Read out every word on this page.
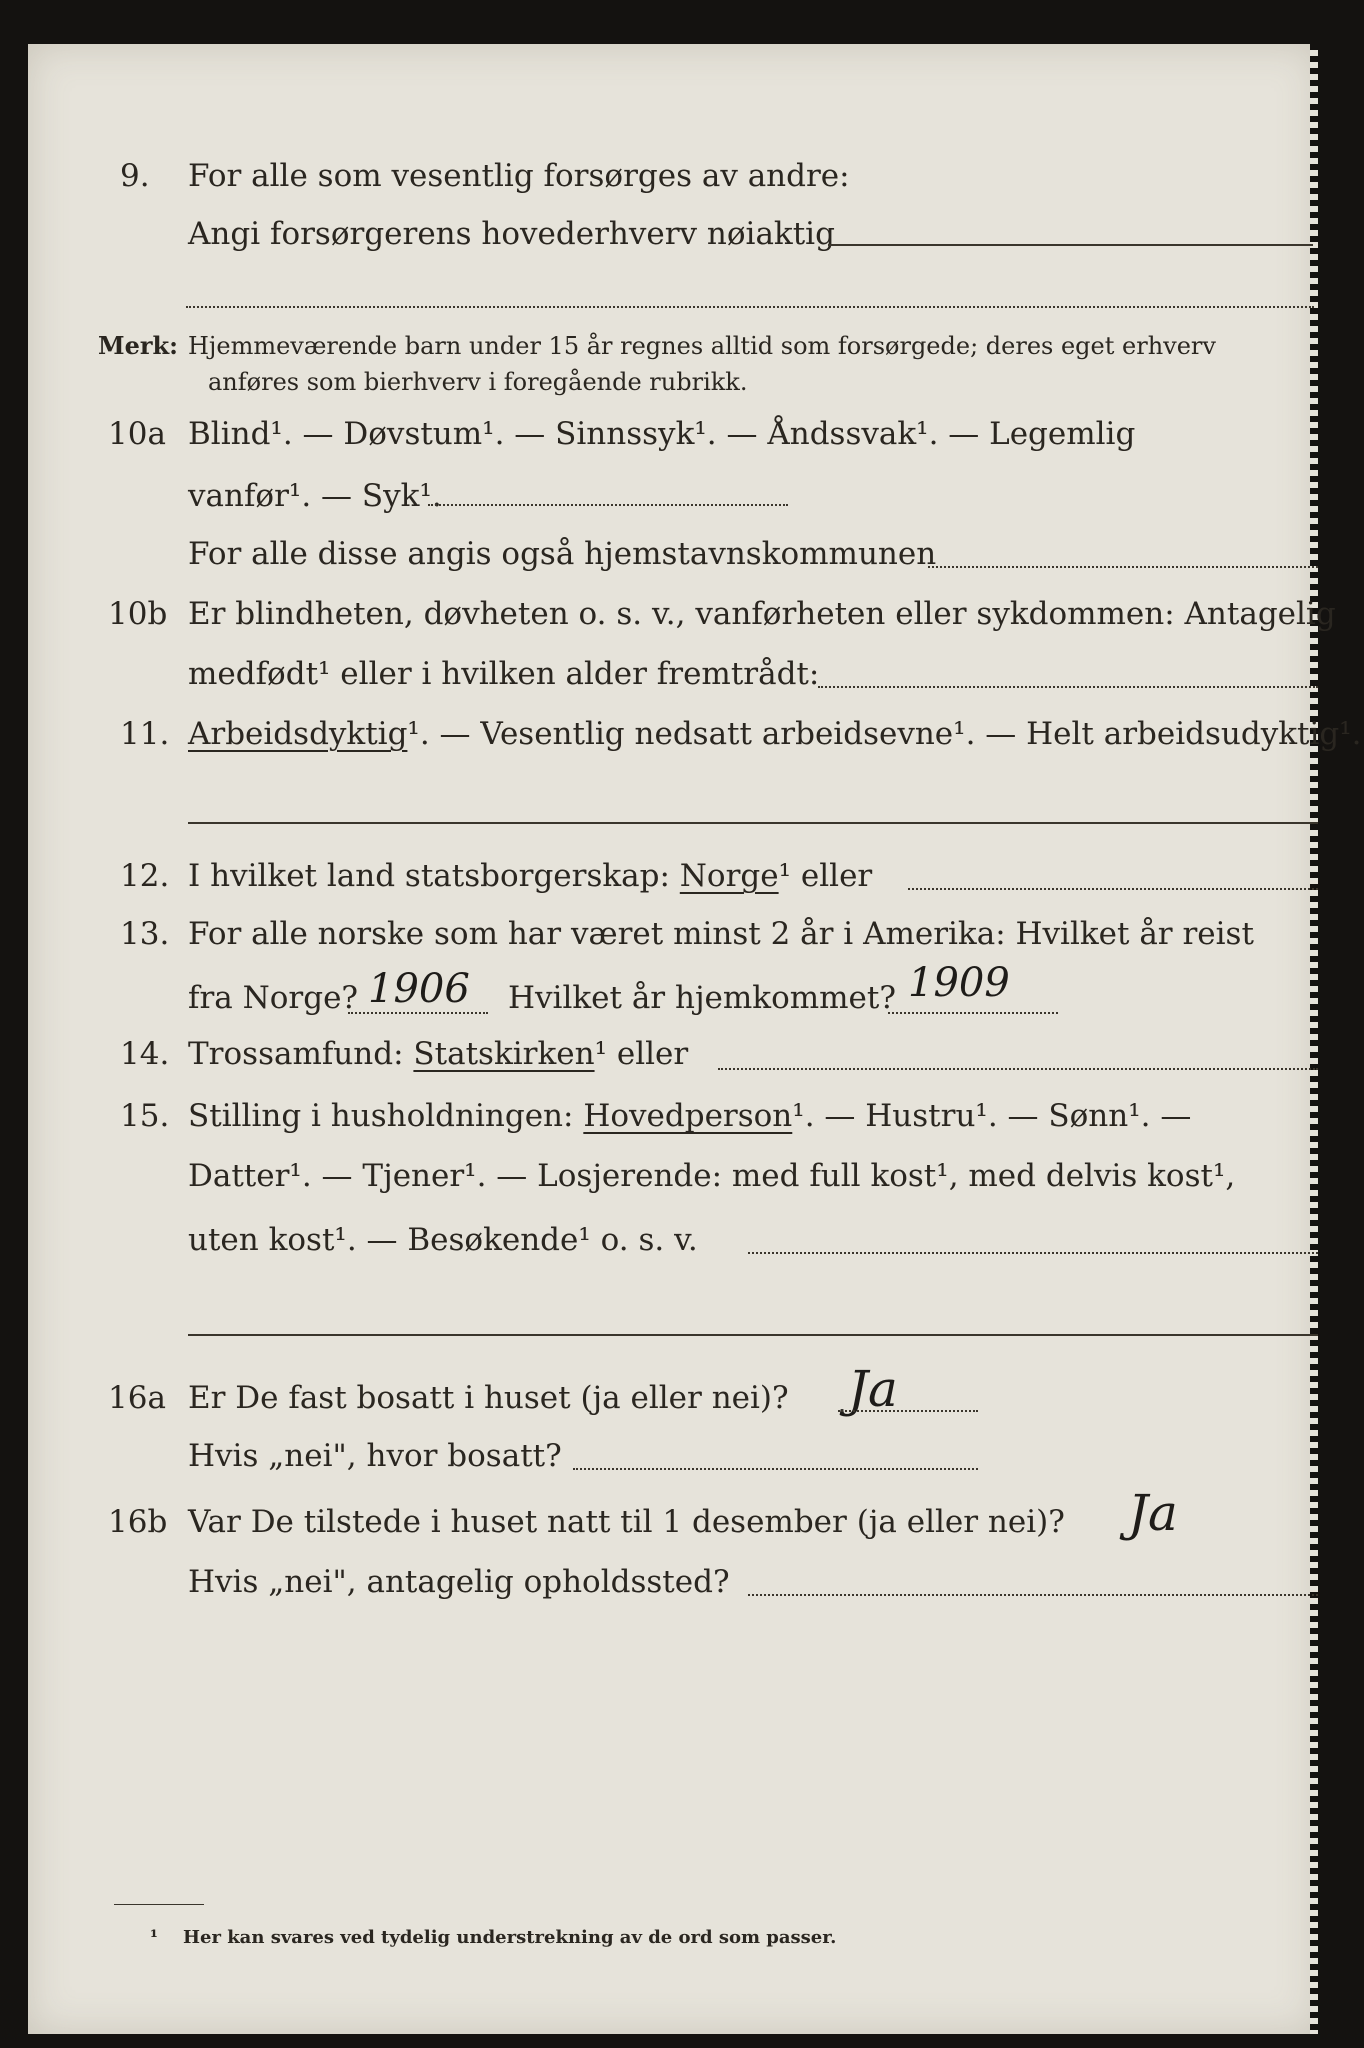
9. For alle som vesentlig forsørges av andre:
Angi forsørgerens hovederhverv nøiaktig
Merk: Hjemmeværende barn under 15 år regnes alltid som forsørgede; deres eget erhverv
anføres som bierhverv i foregående rubrikk.
10a Blind¹. — Døvstum¹. — Sinnssyk¹. — Åndssvak¹. — Legemlig
vanfør¹. — Syk¹.
For alle disse angis også hjemstavnskommunen
10b Er blindheten, døvheten o. s. v., vanførheten eller sykdommen: Antagelig
medfødt¹ eller i hvilken alder fremtrådt:
11. Arbeidsdyktig¹. — Vesentlig nedsatt arbeidsevne¹. — Helt arbeidsudyktig¹.
12. I hvilket land statsborgerskap: Norge¹ eller
13. For alle norske som har været minst 2 år i Amerika: Hvilket år reist
fra Norge?	Hvilket år hjemkommet?
1906	1909
14. Trossamfund: Statskirken¹ eller
15. Stilling i husholdningen: Hovedperson¹. — Hustru¹. — Sønn¹. —
Datter¹. — Tjener¹. — Losjerende: med full kost¹, med delvis kost¹,
uten kost¹. — Besøkende¹ o. s. v.
16a Er De fast bosatt i huset (ja eller nei)? Ja
Hvis „nei", hvor bosatt?
16b Var De tilstede i huset natt til 1 desember (ja eller nei)? Ja
Hvis „nei", antagelig opholdssted?
¹ Her kan svares ved tydelig understrekning av de ord som passer.
